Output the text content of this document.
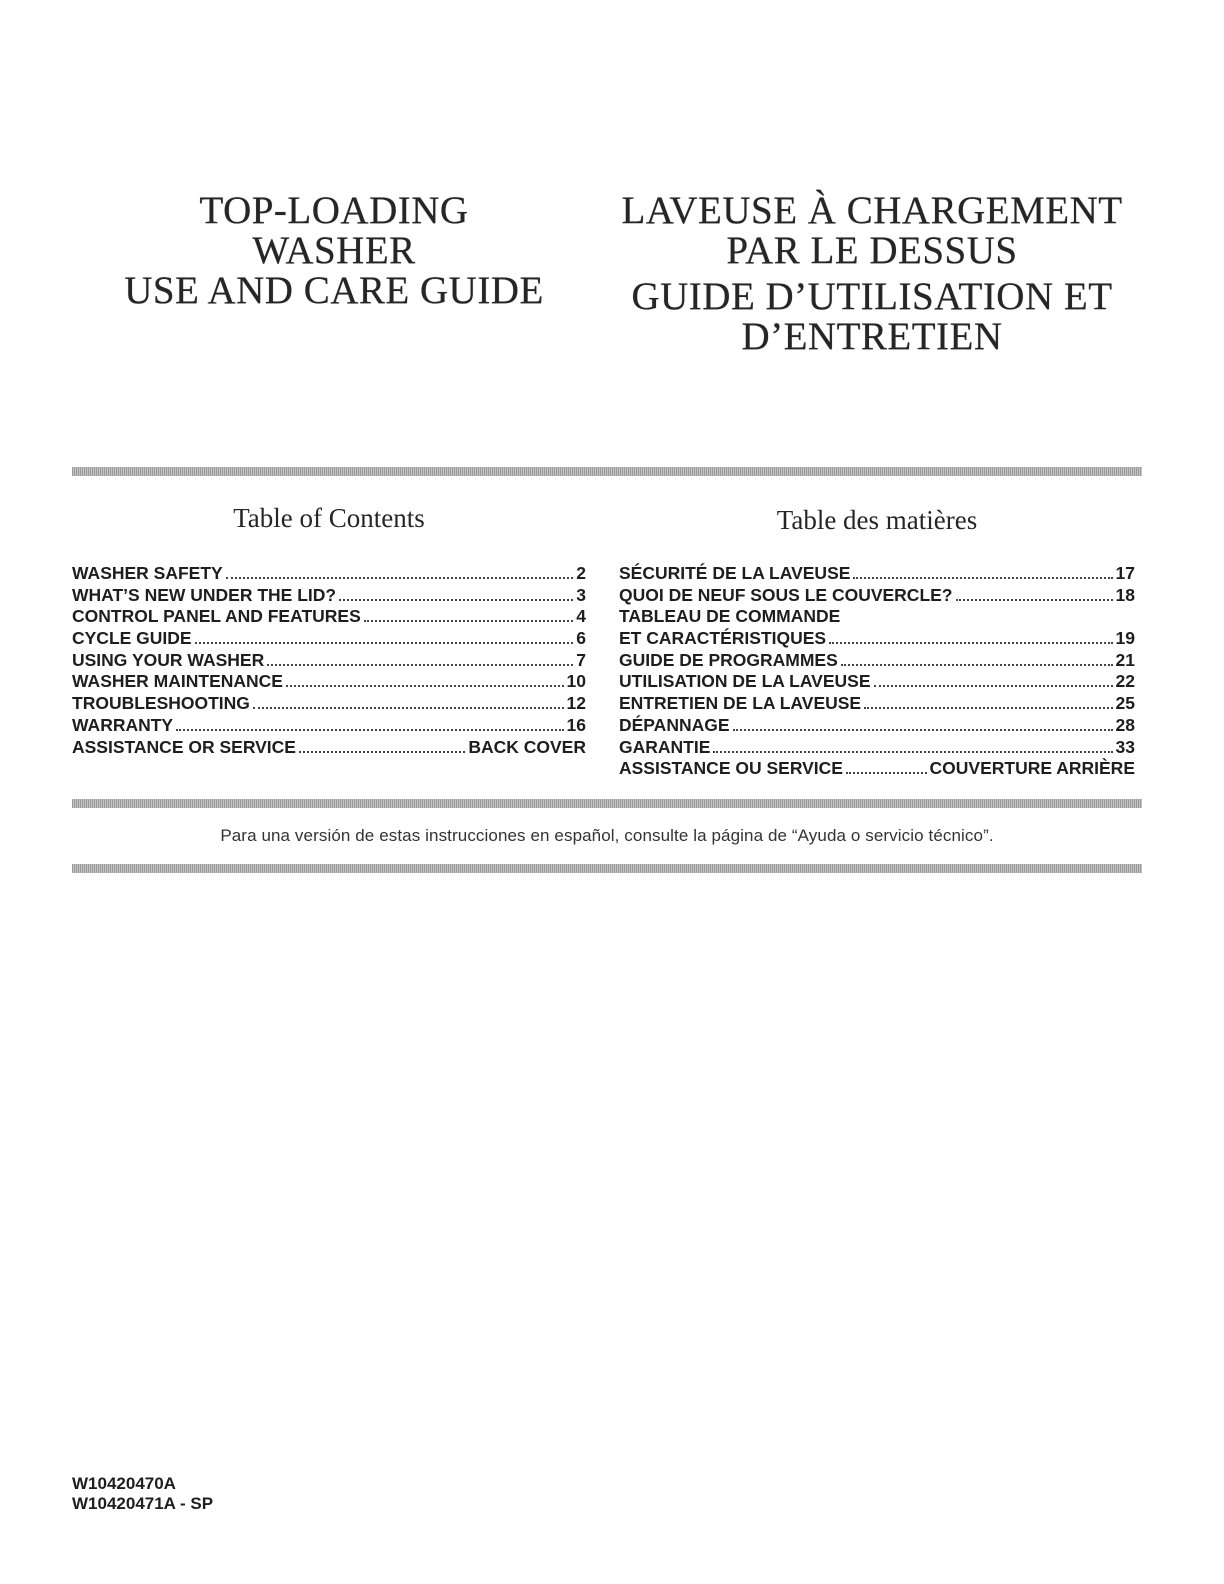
TOP-LOADING
WASHER
USE AND CARE GUIDE
LAVEUSE À CHARGEMENT
PAR LE DESSUS
GUIDE D’UTILISATION ET
D’ENTRETIEN
Table of Contents	Table des matières
WASHER SAFETY	2
WHAT’S NEW UNDER THE LID?	3
CONTROL PANEL AND FEATURES	4
CYCLE GUIDE	6
USING YOUR WASHER	7
WASHER MAINTENANCE	10
TROUBLESHOOTING	12
WARRANTY	16
ASSISTANCE OR SERVICE	BACK COVER
SÉCURITÉ DE LA LAVEUSE	17
QUOI DE NEUF SOUS LE COUVERCLE?	18
TABLEAU DE COMMANDE
ET CARACTÉRISTIQUES	19
GUIDE DE PROGRAMMES	21
UTILISATION DE LA LAVEUSE	22
ENTRETIEN DE LA LAVEUSE	25
DÉPANNAGE	28
GARANTIE	33
ASSISTANCE OU SERVICE	COUVERTURE ARRIÈRE
Para una versión de estas instrucciones en español, consulte la página de “Ayuda o servicio técnico”.
W10420470A
W10420471A - SP
